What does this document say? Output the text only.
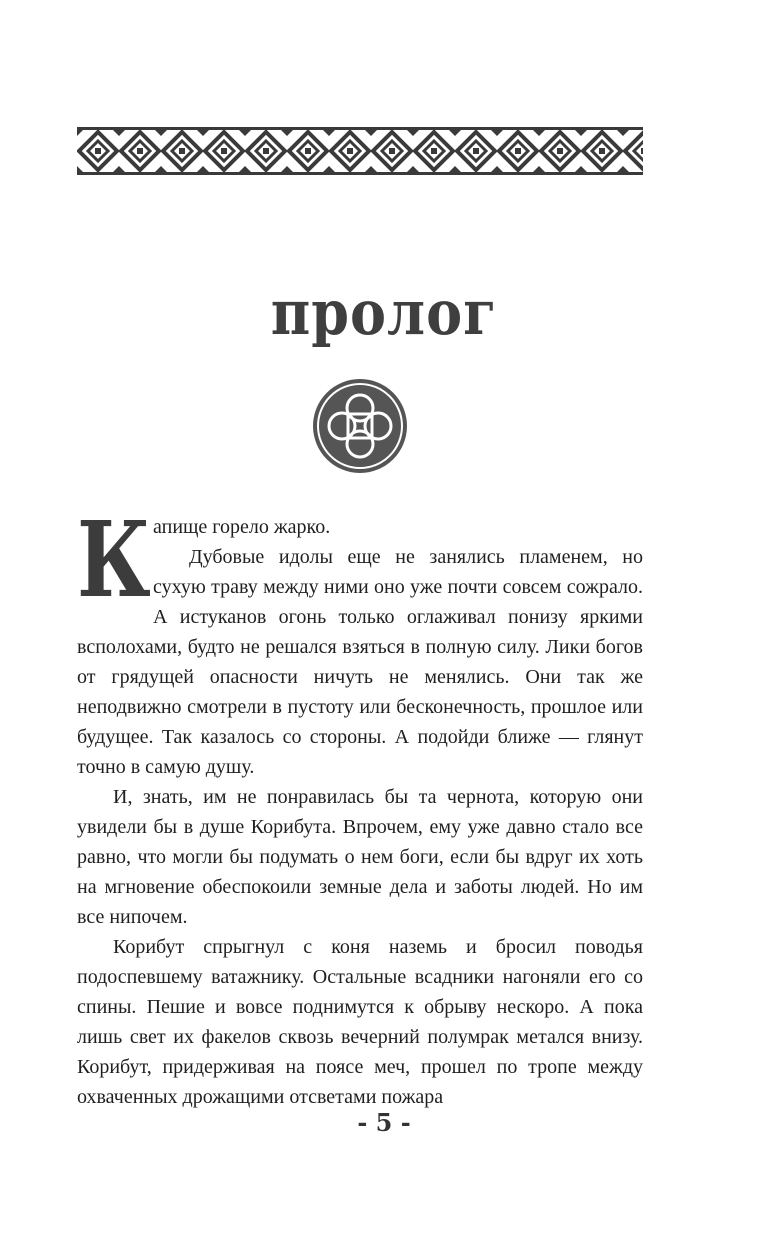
пролог
К апище горело жарко.

Дубовые идолы еще не занялись пламенем, но сухую траву между ними оно уже почти совсем сожрало. А истуканов огонь только оглаживал понизу яркими всполохами, будто не решался взяться в полную силу. Лики богов от грядущей опасности ничуть не менялись. Они так же неподвижно смотрели в пустоту или бесконечность, прошлое или будущее. Так казалось со стороны. А подойди ближе — глянут точно в самую душу.

И, знать, им не понравилась бы та чернота, которую они увидели бы в душе Корибута. Впрочем, ему уже давно стало все равно, что могли бы подумать о нем боги, если бы вдруг их хоть на мгновение обеспокоили земные дела и заботы людей. Но им все нипочем.

Корибут спрыгнул с коня наземь и бросил поводья подоспевшему ватажнику. Остальные всадники нагоняли его со спины. Пешие и вовсе поднимутся к обрыву нескоро. А пока лишь свет их факелов сквозь вечерний полумрак метался внизу. Корибут, придерживая на поясе меч, прошел по тропе между охваченных дрожащими отсветами пожара

- 5 -
